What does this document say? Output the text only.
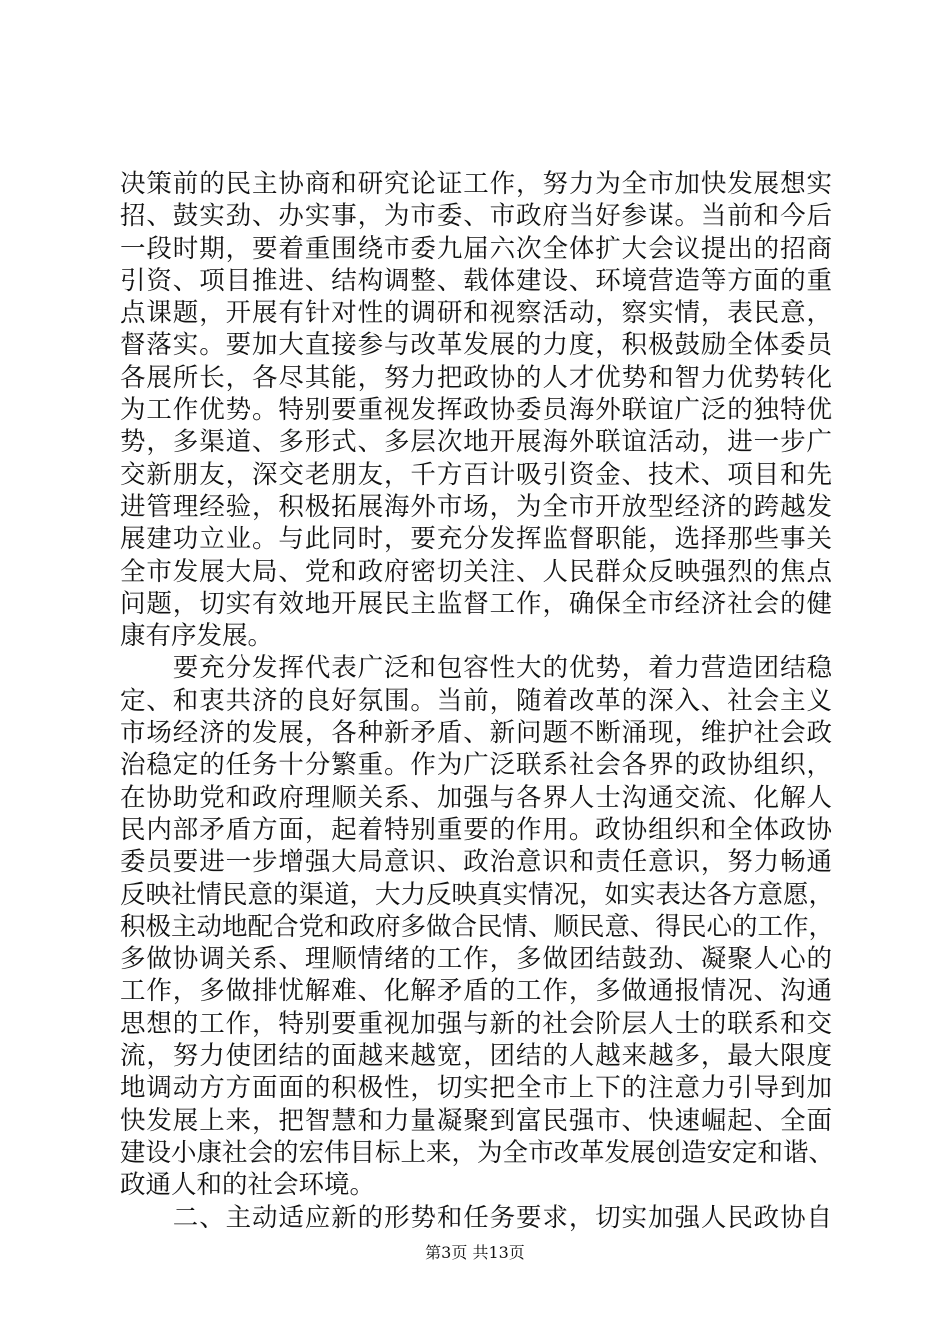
决策前的民主协商和研究论证工作，努力为全市加快发展想实
招、鼓实劲、办实事，为市委、市政府当好参谋。当前和今后
一段时期，要着重围绕市委九届六次全体扩大会议提出的招商
引资、项目推进、结构调整、载体建设、环境营造等方面的重
点课题，开展有针对性的调研和视察活动，察实情，表民意，
督落实。要加大直接参与改革发展的力度，积极鼓励全体委员
各展所长，各尽其能，努力把政协的人才优势和智力优势转化
为工作优势。特别要重视发挥政协委员海外联谊广泛的独特优
势，多渠道、多形式、多层次地开展海外联谊活动，进一步广
交新朋友，深交老朋友，千方百计吸引资金、技术、项目和先
进管理经验，积极拓展海外市场，为全市开放型经济的跨越发
展建功立业。与此同时，要充分发挥监督职能，选择那些事关
全市发展大局、党和政府密切关注、人民群众反映强烈的焦点
问题，切实有效地开展民主监督工作，确保全市经济社会的健
康有序发展。
　　要充分发挥代表广泛和包容性大的优势，着力营造团结稳
定、和衷共济的良好氛围。当前，随着改革的深入、社会主义
市场经济的发展，各种新矛盾、新问题不断涌现，维护社会政
治稳定的任务十分繁重。作为广泛联系社会各界的政协组织，
在协助党和政府理顺关系、加强与各界人士沟通交流、化解人
民内部矛盾方面，起着特别重要的作用。政协组织和全体政协
委员要进一步增强大局意识、政治意识和责任意识，努力畅通
反映社情民意的渠道，大力反映真实情况，如实表达各方意愿，
积极主动地配合党和政府多做合民情、顺民意、得民心的工作，
多做协调关系、理顺情绪的工作，多做团结鼓劲、凝聚人心的
工作，多做排忧解难、化解矛盾的工作，多做通报情况、沟通
思想的工作，特别要重视加强与新的社会阶层人士的联系和交
流，努力使团结的面越来越宽，团结的人越来越多，最大限度
地调动方方面面的积极性，切实把全市上下的注意力引导到加
快发展上来，把智慧和力量凝聚到富民强市、快速崛起、全面
建设小康社会的宏伟目标上来，为全市改革发展创造安定和谐、
政通人和的社会环境。
　　二、主动适应新的形势和任务要求，切实加强人民政协自
第3页 共13页
